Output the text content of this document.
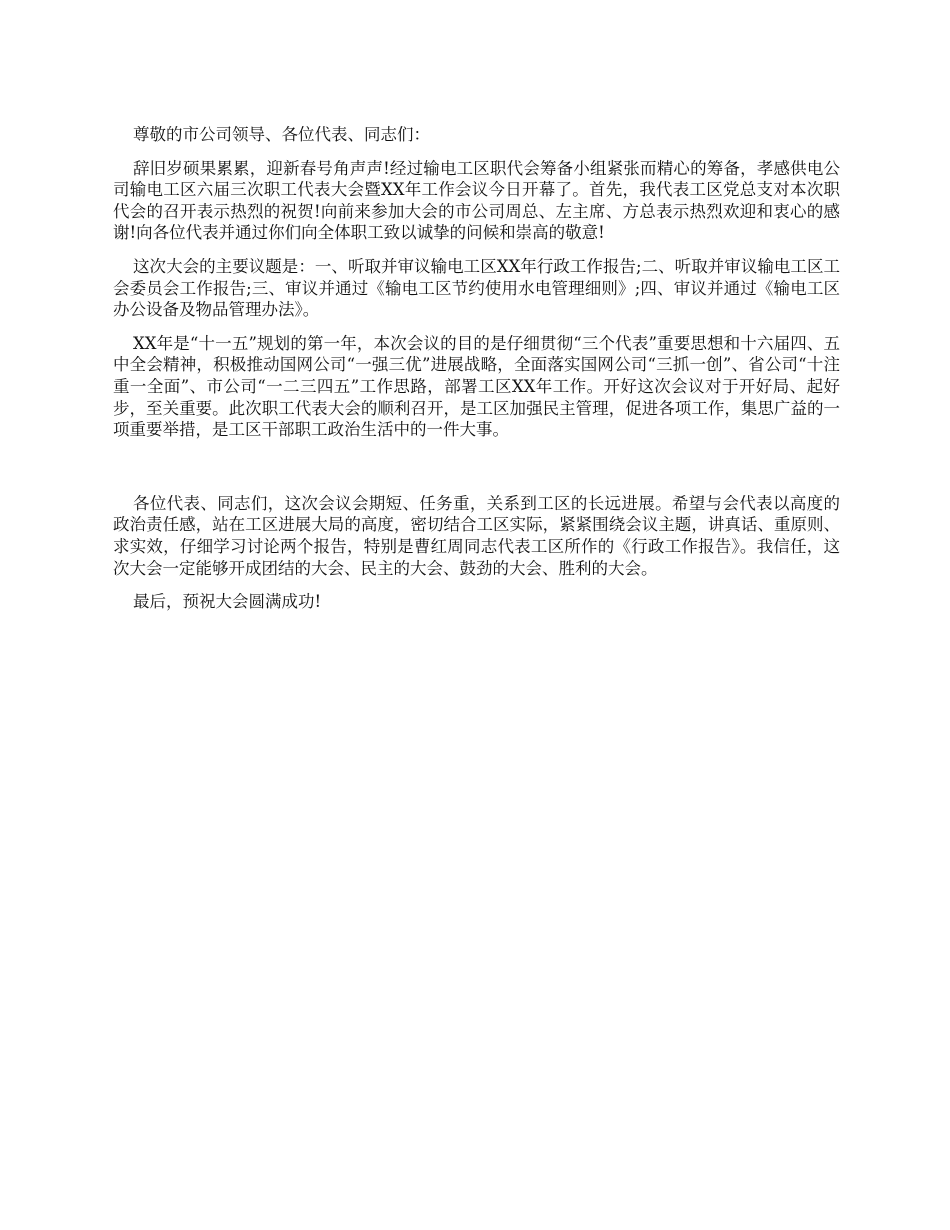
尊敬的市公司领导、各位代表、同志们：

辞旧岁硕果累累，迎新春号角声声!经过输电工区职代会筹备小组紧张而精心的筹备，孝感供电公司输电工区六届三次职工代表大会暨XX年工作会议今日开幕了。首先，我代表工区党总支对本次职代会的召开表示热烈的祝贺!向前来参加大会的市公司周总、左主席、方总表示热烈欢迎和衷心的感谢!向各位代表并通过你们向全体职工致以诚挚的问候和崇高的敬意!

这次大会的主要议题是：一、听取并审议输电工区XX年行政工作报告;二、听取并审议输电工区工会委员会工作报告;三、审议并通过《输电工区节约使用水电管理细则》;四、审议并通过《输电工区办公设备及物品管理办法》。

XX年是“十一五”规划的第一年，本次会议的目的是仔细贯彻“三个代表”重要思想和十六届四、五中全会精神，积极推动国网公司“一强三优”进展战略，全面落实国网公司“三抓一创”、省公司“十注重一全面”、市公司“一二三四五”工作思路，部署工区XX年工作。开好这次会议对于开好局、起好步，至关重要。此次职工代表大会的顺利召开，是工区加强民主管理，促进各项工作，集思广益的一项重要举措，是工区干部职工政治生活中的一件大事。

各位代表、同志们，这次会议会期短、任务重，关系到工区的长远进展。希望与会代表以高度的政治责任感，站在工区进展大局的高度，密切结合工区实际，紧紧围绕会议主题，讲真话、重原则、求实效，仔细学习讨论两个报告，特别是曹红周同志代表工区所作的《行政工作报告》。我信任，这次大会一定能够开成团结的大会、民主的大会、鼓劲的大会、胜利的大会。

最后，预祝大会圆满成功!
